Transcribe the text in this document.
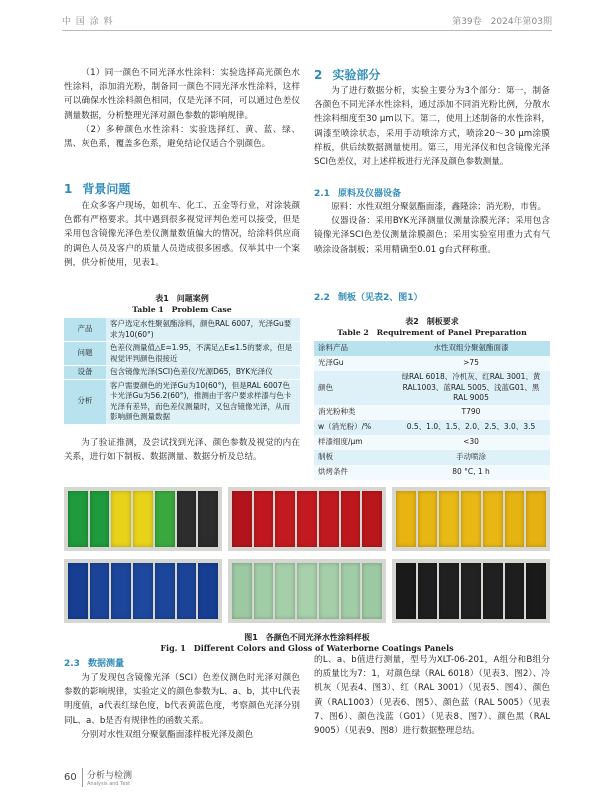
中 国 涂 料	第39卷　2024年第03期

（1）同一颜色不同光泽水性涂料：实验选择高光颜色水性涂料，添加消光粉，制备同一颜色不同光泽水性涂料，这样可以确保水性涂料颜色相同，仅是光泽不同，可以通过色差仪测量数据，分析整理光泽对颜色参数的影响规律。

（2）多种颜色水性涂料：实验选择红、黄、蓝、绿、黑、灰色系，覆盖多色系，避免结论仅适合个别颜色。

1 背景问题

在众多客户现场，如机车、化工、五金等行业，对涂装颜色都有严格要求。其中遇到很多视觉评判色差可以接受，但是采用包含镜像光泽色差仪测量数值偏大的情况，给涂料供应商的调色人员及客户的质量人员造成很多困惑。仅举其中一个案例，供分析使用，见表1。

表1　问题案例
Table 1　Problem Case
产品	客户选定水性聚氨酯涂料，颜色RAL 6007，光泽Gu要求为10(60°)
问题	色差仪测量值△E=1.95，不满足△E≤1.5的要求，但是视觉评判颜色很接近
设备	包含镜像光泽(SCI)色差仪/光源D65，BYK光泽仪
分析	客户需要颜色的光泽Gu为10(60°)，但是RAL 6007色卡光泽Gu为56.2(60°)，推测由于客户要求样漆与色卡光泽有差异，而色差仪测量时，又包含镜像光泽，从而影响颜色测量数据

为了验证推测，及尝试找到光泽、颜色参数及视觉的内在关系，进行如下制板、数据测量、数据分析及总结。

2 实验部分

为了进行数据分析，实验主要分为3个部分：第一，制备各颜色不同光泽水性涂料，通过添加不同消光粉比例，分散水性涂料细度至30 μm以下。第二，使用上述制备的水性涂料，调漆至喷涂状态，采用手动喷涂方式，喷涂20～30 μm涂膜样板，供后续数据测量使用。第三，用光泽仪和包含镜像光泽SCI色差仪，对上述样板进行光泽及颜色参数测量。

2.1 原料及仪器设备

原料：水性双组分聚氨酯面漆，鑫隆涂；消光粉，市售。

仪器设备：采用BYK光泽测量仪测量涂膜光泽；采用包含镜像光泽SCI色差仪测量涂膜颜色；采用实验室用重力式有气喷涂设备制板；采用精确至0.01 g台式秤称重。

2.2 制板（见表2、图1）
表2　制板要求
Table 2　Requirement of Panel Preparation
涂料产品	水性双组分聚氨酯面漆
光泽Gu	>75
颜色	绿RAL 6018、冷机灰、红RAL 3001、黄RAL1003、蓝RAL 5005、浅蓝G01、黑RAL 9005
消光粉种类	T790
w（消光粉）/%	0.5、1.0、1.5、2.0、2.5、3.0、3.5
样漆细度/μm	<30
制板	手动喷涂
烘烤条件	80 °C, 1 h
图1　各颜色不同光泽水性涂料样板
Fig. 1　Different Colors and Gloss of Waterborne Coatings Panels
2.3 数据测量

为了发现包含镜像光泽（SCI）色差仪测色时光泽对颜色参数的影响规律，实验定义的颜色参数为L、a、b，其中L代表明度值，a代表红绿色度，b代表黄蓝色度，考察颜色光泽分别同L、a、b是否有规律性的函数关系。

分别对水性双组分聚氨酯面漆样板光泽及颜色

的L、a、b值进行测量，型号为XLT-06-201，A组分和B组分的质量比为7：1，对颜色绿（RAL 6018）（见表3、图2）、冷机灰（见表4、图3）、红（RAL 3001）（见表5、图4）、颜色黄（RAL1003）（见表6、图5）、颜色蓝（RAL 5005）（见表7、图6）、颜色浅蓝（G01）（见表8、图7）、颜色黑（RAL 9005）（见表9、图8）进行数据整理总结。

60 分析与检测
Analysis and Test
